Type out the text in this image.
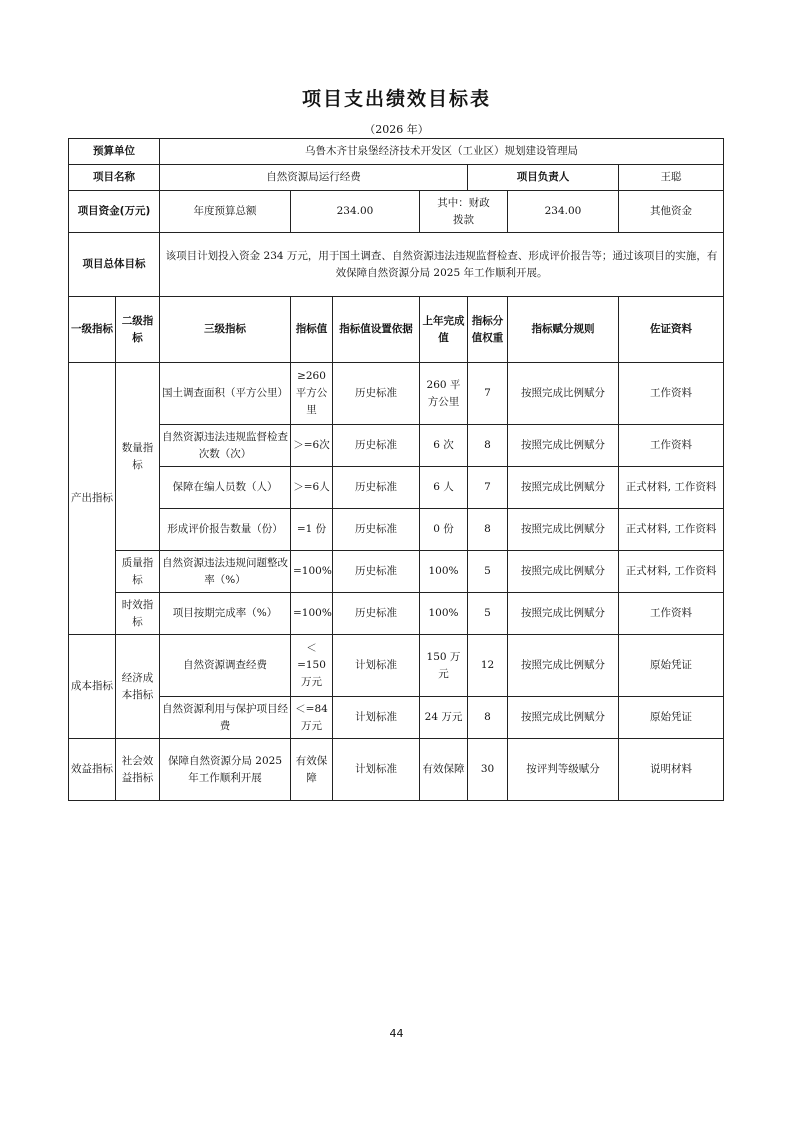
项目支出绩效目标表
（2026 年）
预算单位		乌鲁木齐甘泉堡经济技术开发区（工业区）规划建设管理局						
项目名称		自然资源局运行经费				项目负责人		王聪
项目资金(万元)		年度预算总额	234.00		其中：财政拨款		234.00	其他资金
项目总体目标		该项目计划投入资金 234 万元，用于国土调查、自然资源违法违规监督检查、形成评价报告等；通过该项目的实施，有效保障自然资源分局 2025 年工作顺利开展。						
一级指标	二级指标	三级指标	指标值	指标值设置依据	上年完成值	指标分值权重	指标赋分规则	佐证资料
产出指标	数量指标	国土调查面积（平方公里）	≥260平方公里	历史标准	260 平方公里	7	按照完成比例赋分	工作资料
		自然资源违法违规监督检查次数（次）	＞=6次	历史标准	6 次	8	按照完成比例赋分	工作资料
		保障在编人员数（人）	＞=6人	历史标准	6 人	7	按照完成比例赋分	正式材料, 工作资料
		形成评价报告数量（份）	=1 份	历史标准	0 份	8	按照完成比例赋分	正式材料, 工作资料
	质量指标	自然资源违法违规问题整改率（%）	=100%	历史标准	100%	5	按照完成比例赋分	正式材料, 工作资料
	时效指标	项目按期完成率（%）	=100%	历史标准	100%	5	按照完成比例赋分	工作资料
成本指标	经济成本指标	自然资源调查经费	＜=150万元	计划标准	150 万元	12	按照完成比例赋分	原始凭证
		自然资源利用与保护项目经费	＜=84万元	计划标准	24 万元	8	按照完成比例赋分	原始凭证
效益指标	社会效益指标	保障自然资源分局 2025 年工作顺利开展	有效保障	计划标准	有效保障	30	按评判等级赋分	说明材料
44
